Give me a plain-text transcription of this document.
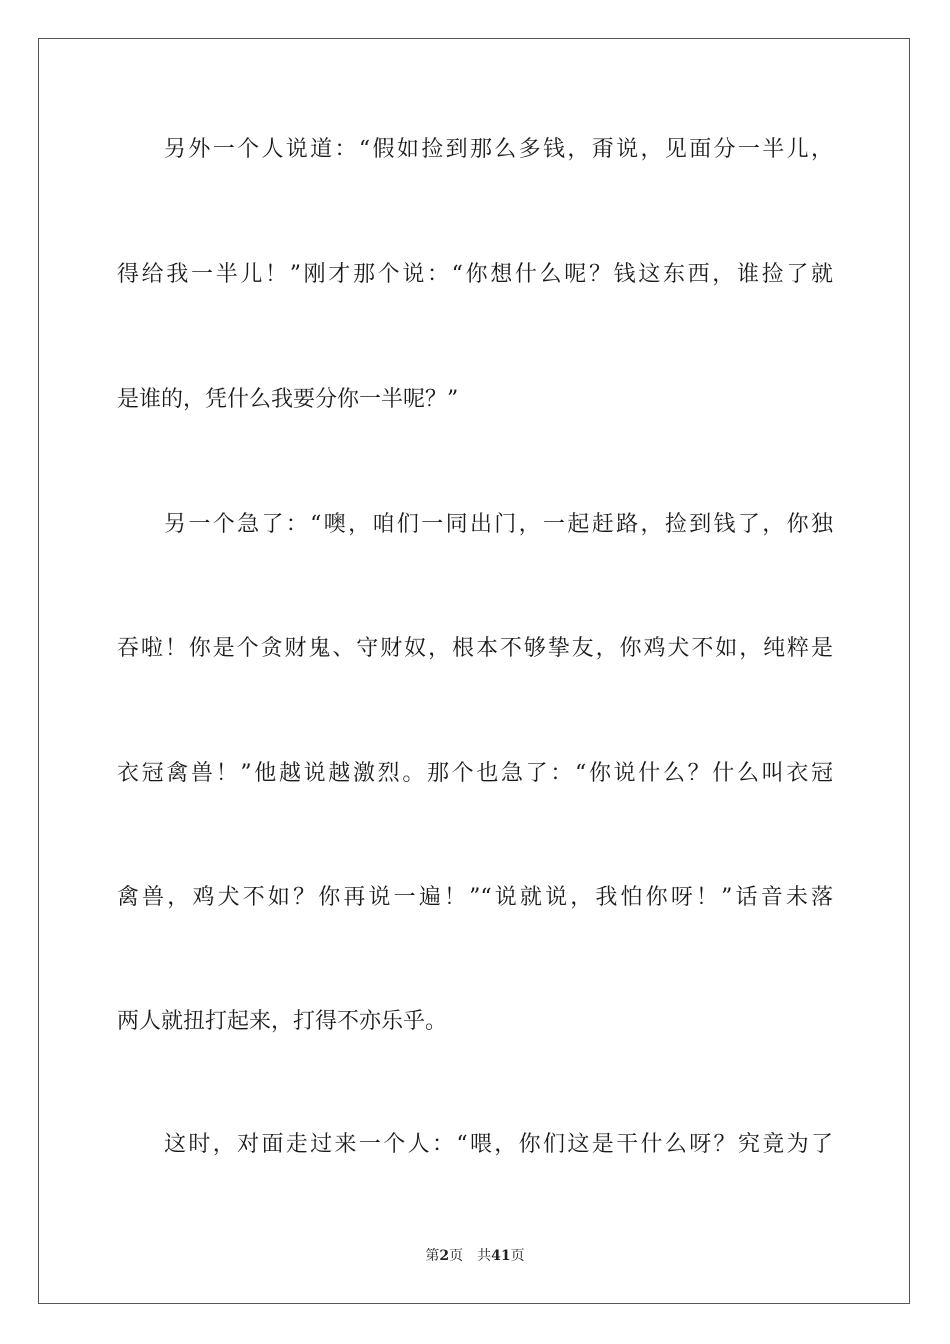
另外一个人说道：“假如捡到那么多钱，甭说，见面分一半儿，
得给我一半儿！”刚才那个说：“你想什么呢？钱这东西，谁捡了就
是谁的，凭什么我要分你一半呢？”
另一个急了：“噢，咱们一同出门，一起赶路，捡到钱了，你独
吞啦！你是个贪财鬼、守财奴，根本不够挚友，你鸡犬不如，纯粹是
衣冠禽兽！”他越说越激烈。那个也急了：“你说什么？什么叫衣冠
禽兽，鸡犬不如？你再说一遍！”“说就说，我怕你呀！”话音未落
两人就扭打起来，打得不亦乐乎。
这时，对面走过来一个人：“喂，你们这是干什么呀？究竟为了
第2页 共41页
